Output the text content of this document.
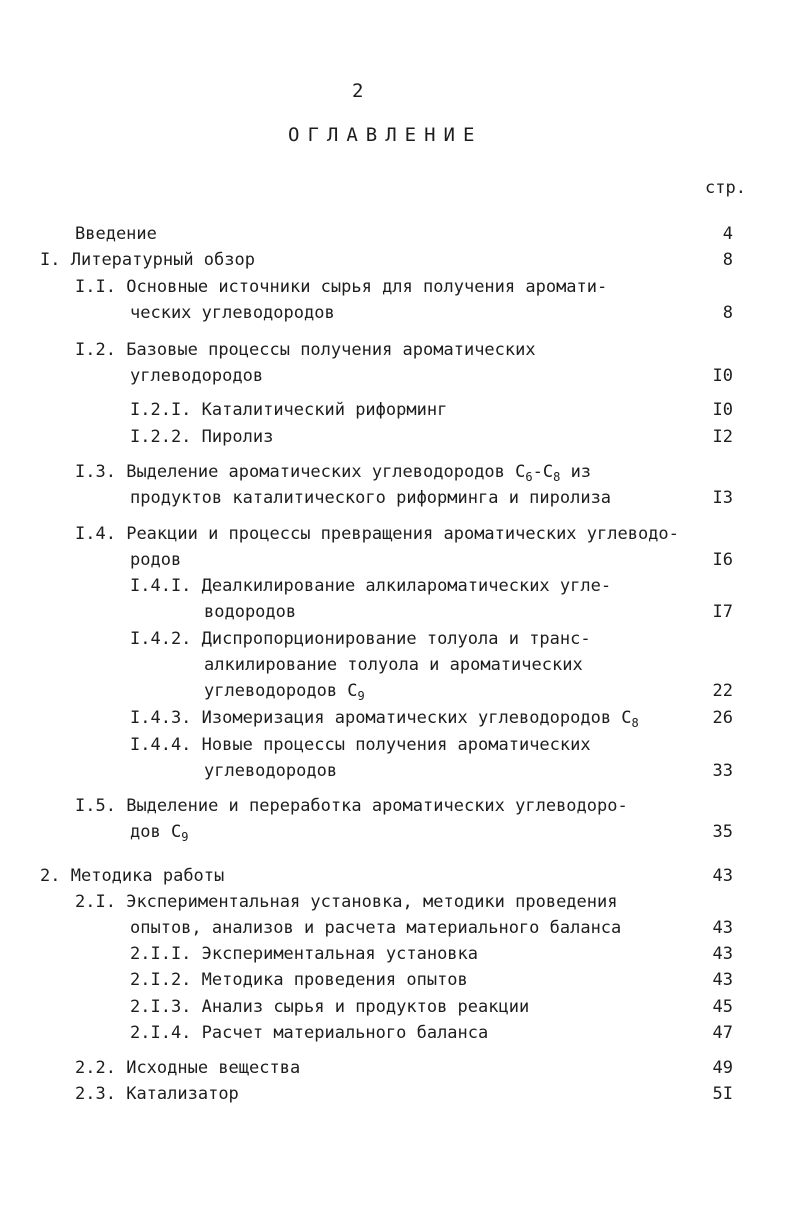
2
ОГЛАВЛЕНИЕ
стр.
Введение	4
I. Литературный обзор	8
I.I. Основные источники сырья для получения аромати-
ческих углеводородов	8
I.2. Базовые процессы получения ароматических
углеводородов	I0
I.2.I. Каталитический риформинг	I0
I.2.2. Пиролиз	I2
I.3. Выделение ароматических углеводородов $C_6-C_8$ из
продуктов каталитического риформинга и пиролиза	I3
I.4. Реакции и процессы превращения ароматических углеводо-
родов	I6
I.4.I. Деалкилирование алкилароматических угле-
водородов	I7
I.4.2. Диспропорционирование толуола и транс-
алкилирование толуола и ароматических
углеводородов $C_9$	22
I.4.3. Изомеризация ароматических углеводородов $C_8$	26
I.4.4. Новые процессы получения ароматических
углеводородов	33
I.5. Выделение и переработка ароматических углеводоро-
дов $C_9$	35
2. Методика работы	43
2.I. Экспериментальная установка, методики проведения
опытов, анализов и расчета материального баланса	43
2.I.I. Экспериментальная установка	43
2.I.2. Методика проведения опытов	43
2.I.3. Анализ сырья и продуктов реакции	45
2.I.4. Расчет материального баланса	47
2.2. Исходные вещества	49
2.3. Катализатор	5I
